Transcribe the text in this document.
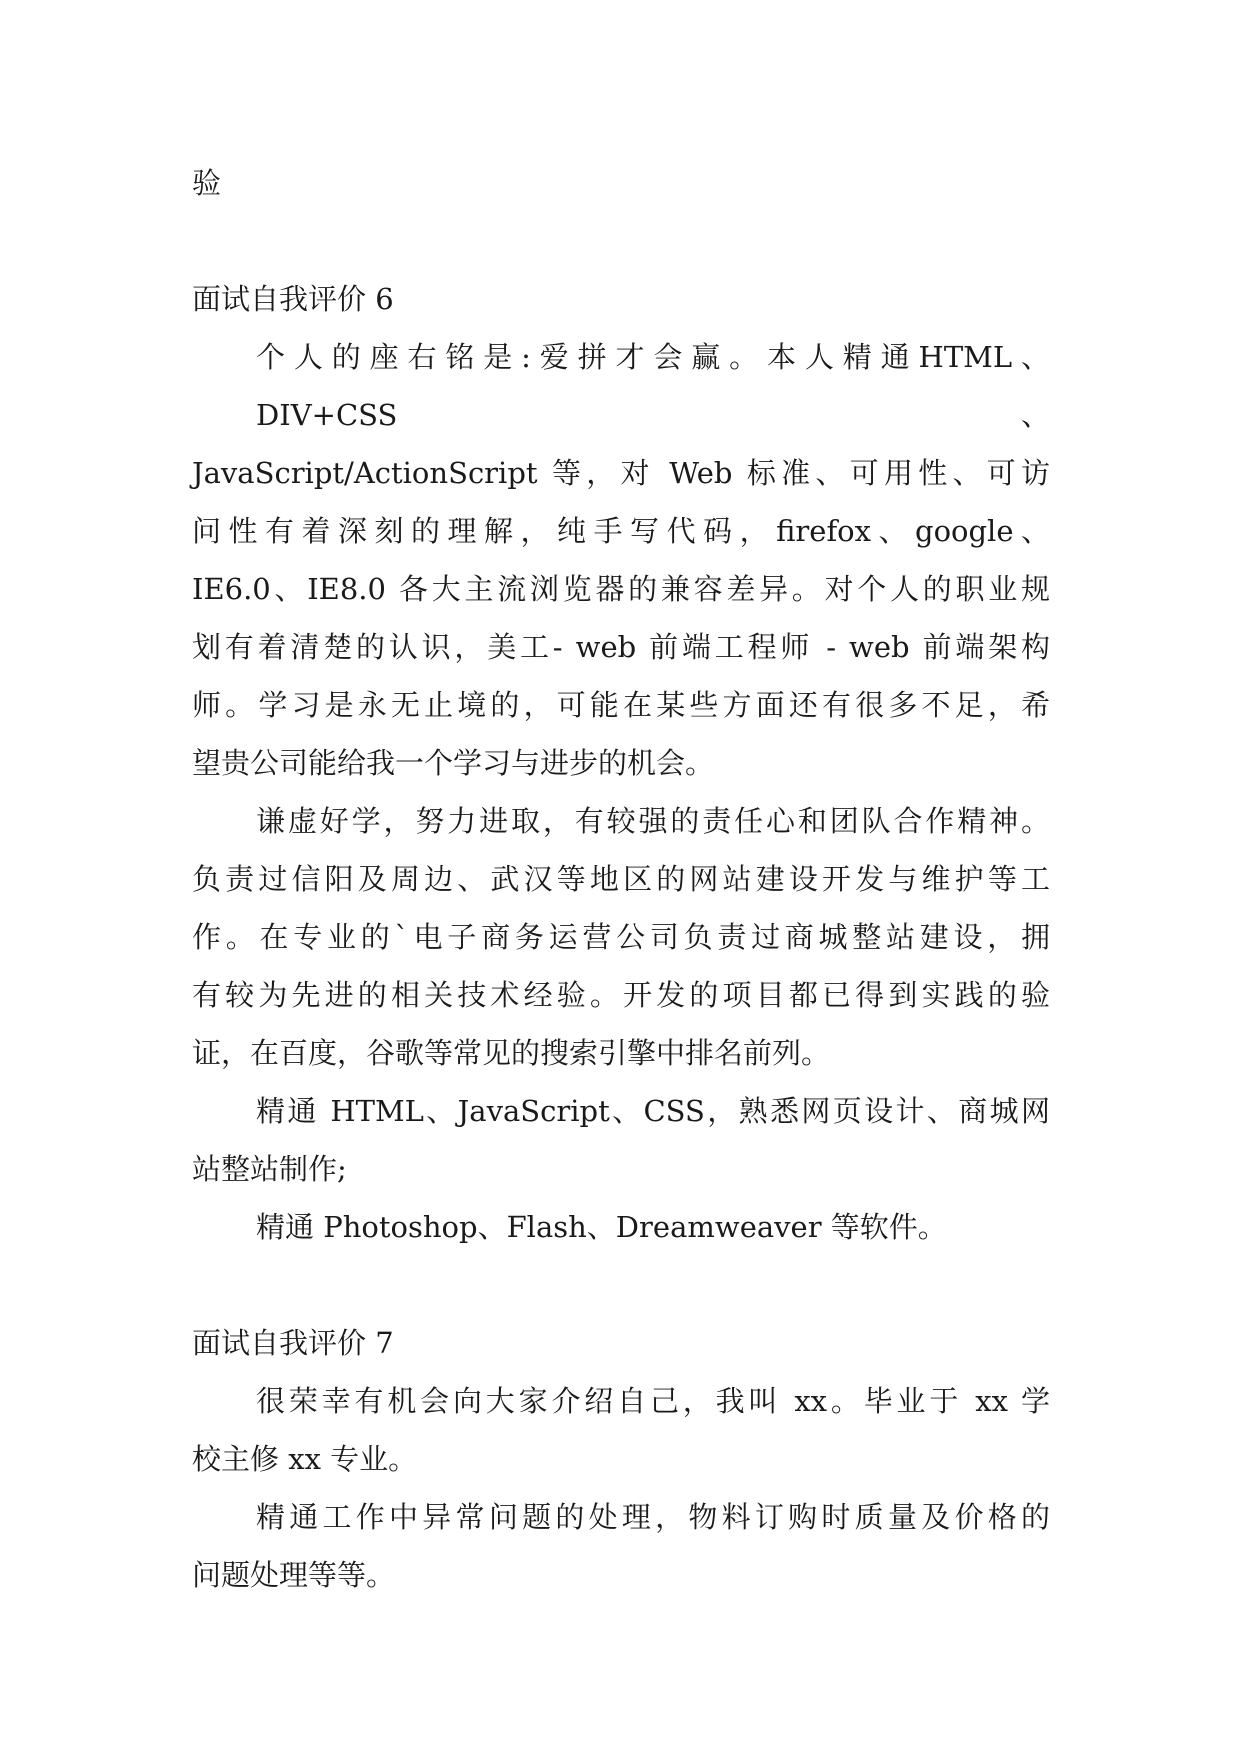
验

面试自我评价 6

个人的座右铭是:爱拼才会赢。本人精通HTML、DIV+CSS、

JavaScript/ActionScript 等，对 Web 标准、可用性、可访

问性有着深刻的理解，纯手写代码，firefox、google、

IE6.0、IE8.0 各大主流浏览器的兼容差异。对个人的职业规

划有着清楚的认识，美工- web 前端工程师 - web 前端架构

师。学习是永无止境的，可能在某些方面还有很多不足，希

望贵公司能给我一个学习与进步的机会。

谦虚好学，努力进取，有较强的责任心和团队合作精神。

负责过信阳及周边、武汉等地区的网站建设开发与维护等工

作。在专业的`电子商务运营公司负责过商城整站建设，拥

有较为先进的相关技术经验。开发的项目都已得到实践的验

证，在百度，谷歌等常见的搜索引擎中排名前列。

精通 HTML、JavaScript、CSS，熟悉网页设计、商城网

站整站制作;

精通 Photoshop、Flash、Dreamweaver 等软件。

面试自我评价 7

很荣幸有机会向大家介绍自己，我叫 xx。毕业于 xx 学

校主修 xx 专业。

精通工作中异常问题的处理，物料订购时质量及价格的

问题处理等等。
